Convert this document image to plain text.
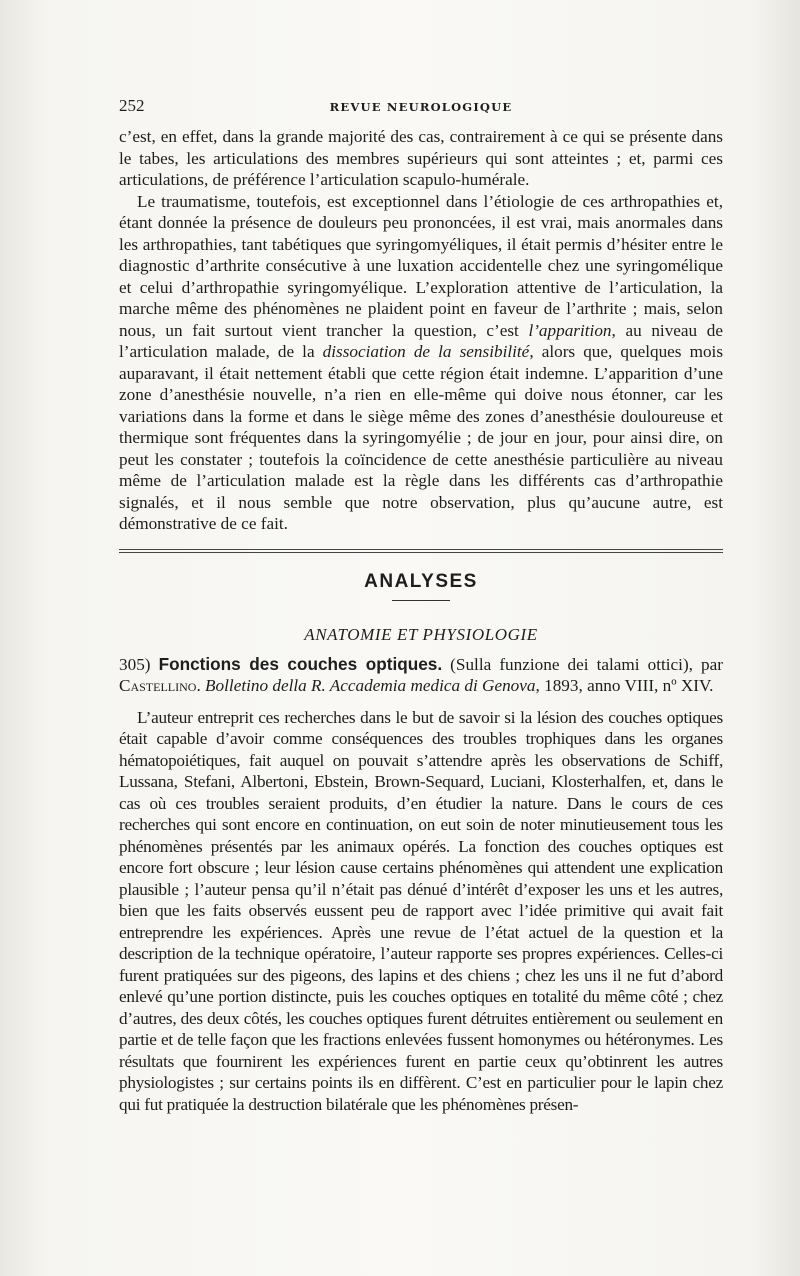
252	REVUE NEUROLOGIQUE

c’est, en effet, dans la grande majorité des cas, contrairement à ce qui se présente dans le tabes, les articulations des membres supérieurs qui sont atteintes ; et, parmi ces articulations, de préférence l’articulation scapulo-humérale.

Le traumatisme, toutefois, est exceptionnel dans l’étiologie de ces arthropathies et, étant donnée la présence de douleurs peu prononcées, il est vrai, mais anormales dans les arthropathies, tant tabétiques que syringomyéliques, il était permis d’hésiter entre le diagnostic d’arthrite consécutive à une luxation accidentelle chez une syringomélique et celui d’arthropathie syringomyélique. L’exploration attentive de l’articulation, la marche même des phénomènes ne plaident point en faveur de l’arthrite ; mais, selon nous, un fait surtout vient trancher la question, c’est l’apparition, au niveau de l’articulation malade, de la dissociation de la sensibilité, alors que, quelques mois auparavant, il était nettement établi que cette région était indemne. L’apparition d’une zone d’anesthésie nouvelle, n’a rien en elle-même qui doive nous étonner, car les variations dans la forme et dans le siège même des zones d’anesthésie douloureuse et thermique sont fréquentes dans la syringomyélie ; de jour en jour, pour ainsi dire, on peut les constater ; toutefois la coïncidence de cette anesthésie particulière au niveau même de l’articulation malade est la règle dans les différents cas d’arthropathie signalés, et il nous semble que notre observation, plus qu’aucune autre, est démonstrative de ce fait.

ANALYSES
ANATOMIE ET PHYSIOLOGIE
305) Fonctions des couches optiques. (Sulla funzione dei talami ottici), par Castellino. Bolletino della R. Accademia medica di Genova, 1893, anno VIII, nº XIV.

L’auteur entreprit ces recherches dans le but de savoir si la lésion des couches optiques était capable d’avoir comme conséquences des troubles trophiques dans les organes hématopoiétiques, fait auquel on pouvait s’attendre après les observations de Schiff, Lussana, Stefani, Albertoni, Ebstein, Brown-Sequard, Luciani, Klosterhalfen, et, dans le cas où ces troubles seraient produits, d’en étudier la nature. Dans le cours de ces recherches qui sont encore en continuation, on eut soin de noter minutieusement tous les phénomènes présentés par les animaux opérés. La fonction des couches optiques est encore fort obscure ; leur lésion cause certains phénomènes qui attendent une explication plausible ; l’auteur pensa qu’il n’était pas dénué d’intérêt d’exposer les uns et les autres, bien que les faits observés eussent peu de rapport avec l’idée primitive qui avait fait entreprendre les expériences. Après une revue de l’état actuel de la question et la description de la technique opératoire, l’auteur rapporte ses propres expériences. Celles-ci furent pratiquées sur des pigeons, des lapins et des chiens ; chez les uns il ne fut d’abord enlevé qu’une portion distincte, puis les couches optiques en totalité du même côté ; chez d’autres, des deux côtés, les couches optiques furent détruites entièrement ou seulement en partie et de telle façon que les fractions enlevées fussent homonymes ou hétéronymes. Les résultats que fournirent les expériences furent en partie ceux qu’obtinrent les autres physiologistes ; sur certains points ils en diffèrent. C’est en particulier pour le lapin chez qui fut pratiquée la destruction bilatérale que les phénomènes présen-
